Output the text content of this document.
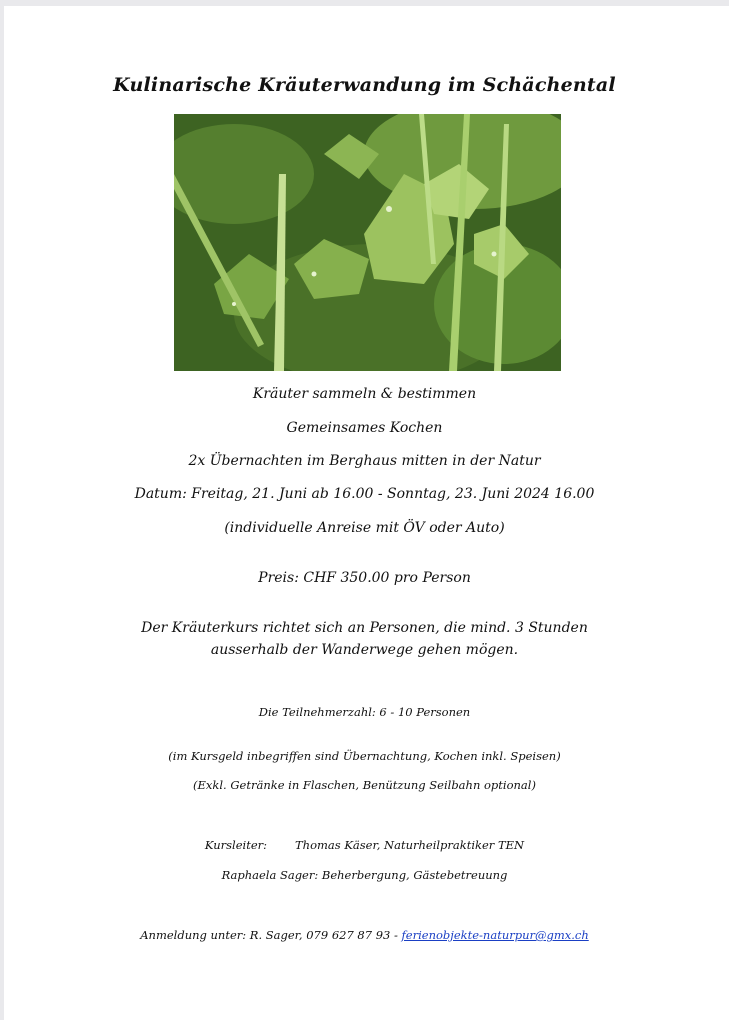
Kulinarische Kräuterwandung im Schächental
Kräuter sammeln & bestimmen
Gemeinsames Kochen
2x Übernachten im Berghaus mitten in der Natur
Datum: Freitag, 21. Juni ab 16.00 - Sonntag, 23. Juni 2024 16.00
(individuelle Anreise mit ÖV oder Auto)
Preis: CHF 350.00 pro Person
Der Kräuterkurs richtet sich an Personen, die mind. 3 Stunden
ausserhalb der Wanderwege gehen mögen.
Die Teilnehmerzahl: 6 - 10 Personen
(im Kursgeld inbegriffen sind Übernachtung, Kochen inkl. Speisen)
(Exkl. Getränke in Flaschen, Benützung Seilbahn optional)
Kursleiter: Thomas Käser, Naturheilpraktiker TEN
Raphaela Sager: Beherbergung, Gästebetreuung
Anmeldung unter: R. Sager, 079 627 87 93 - ferienobjekte-naturpur@gmx.ch
